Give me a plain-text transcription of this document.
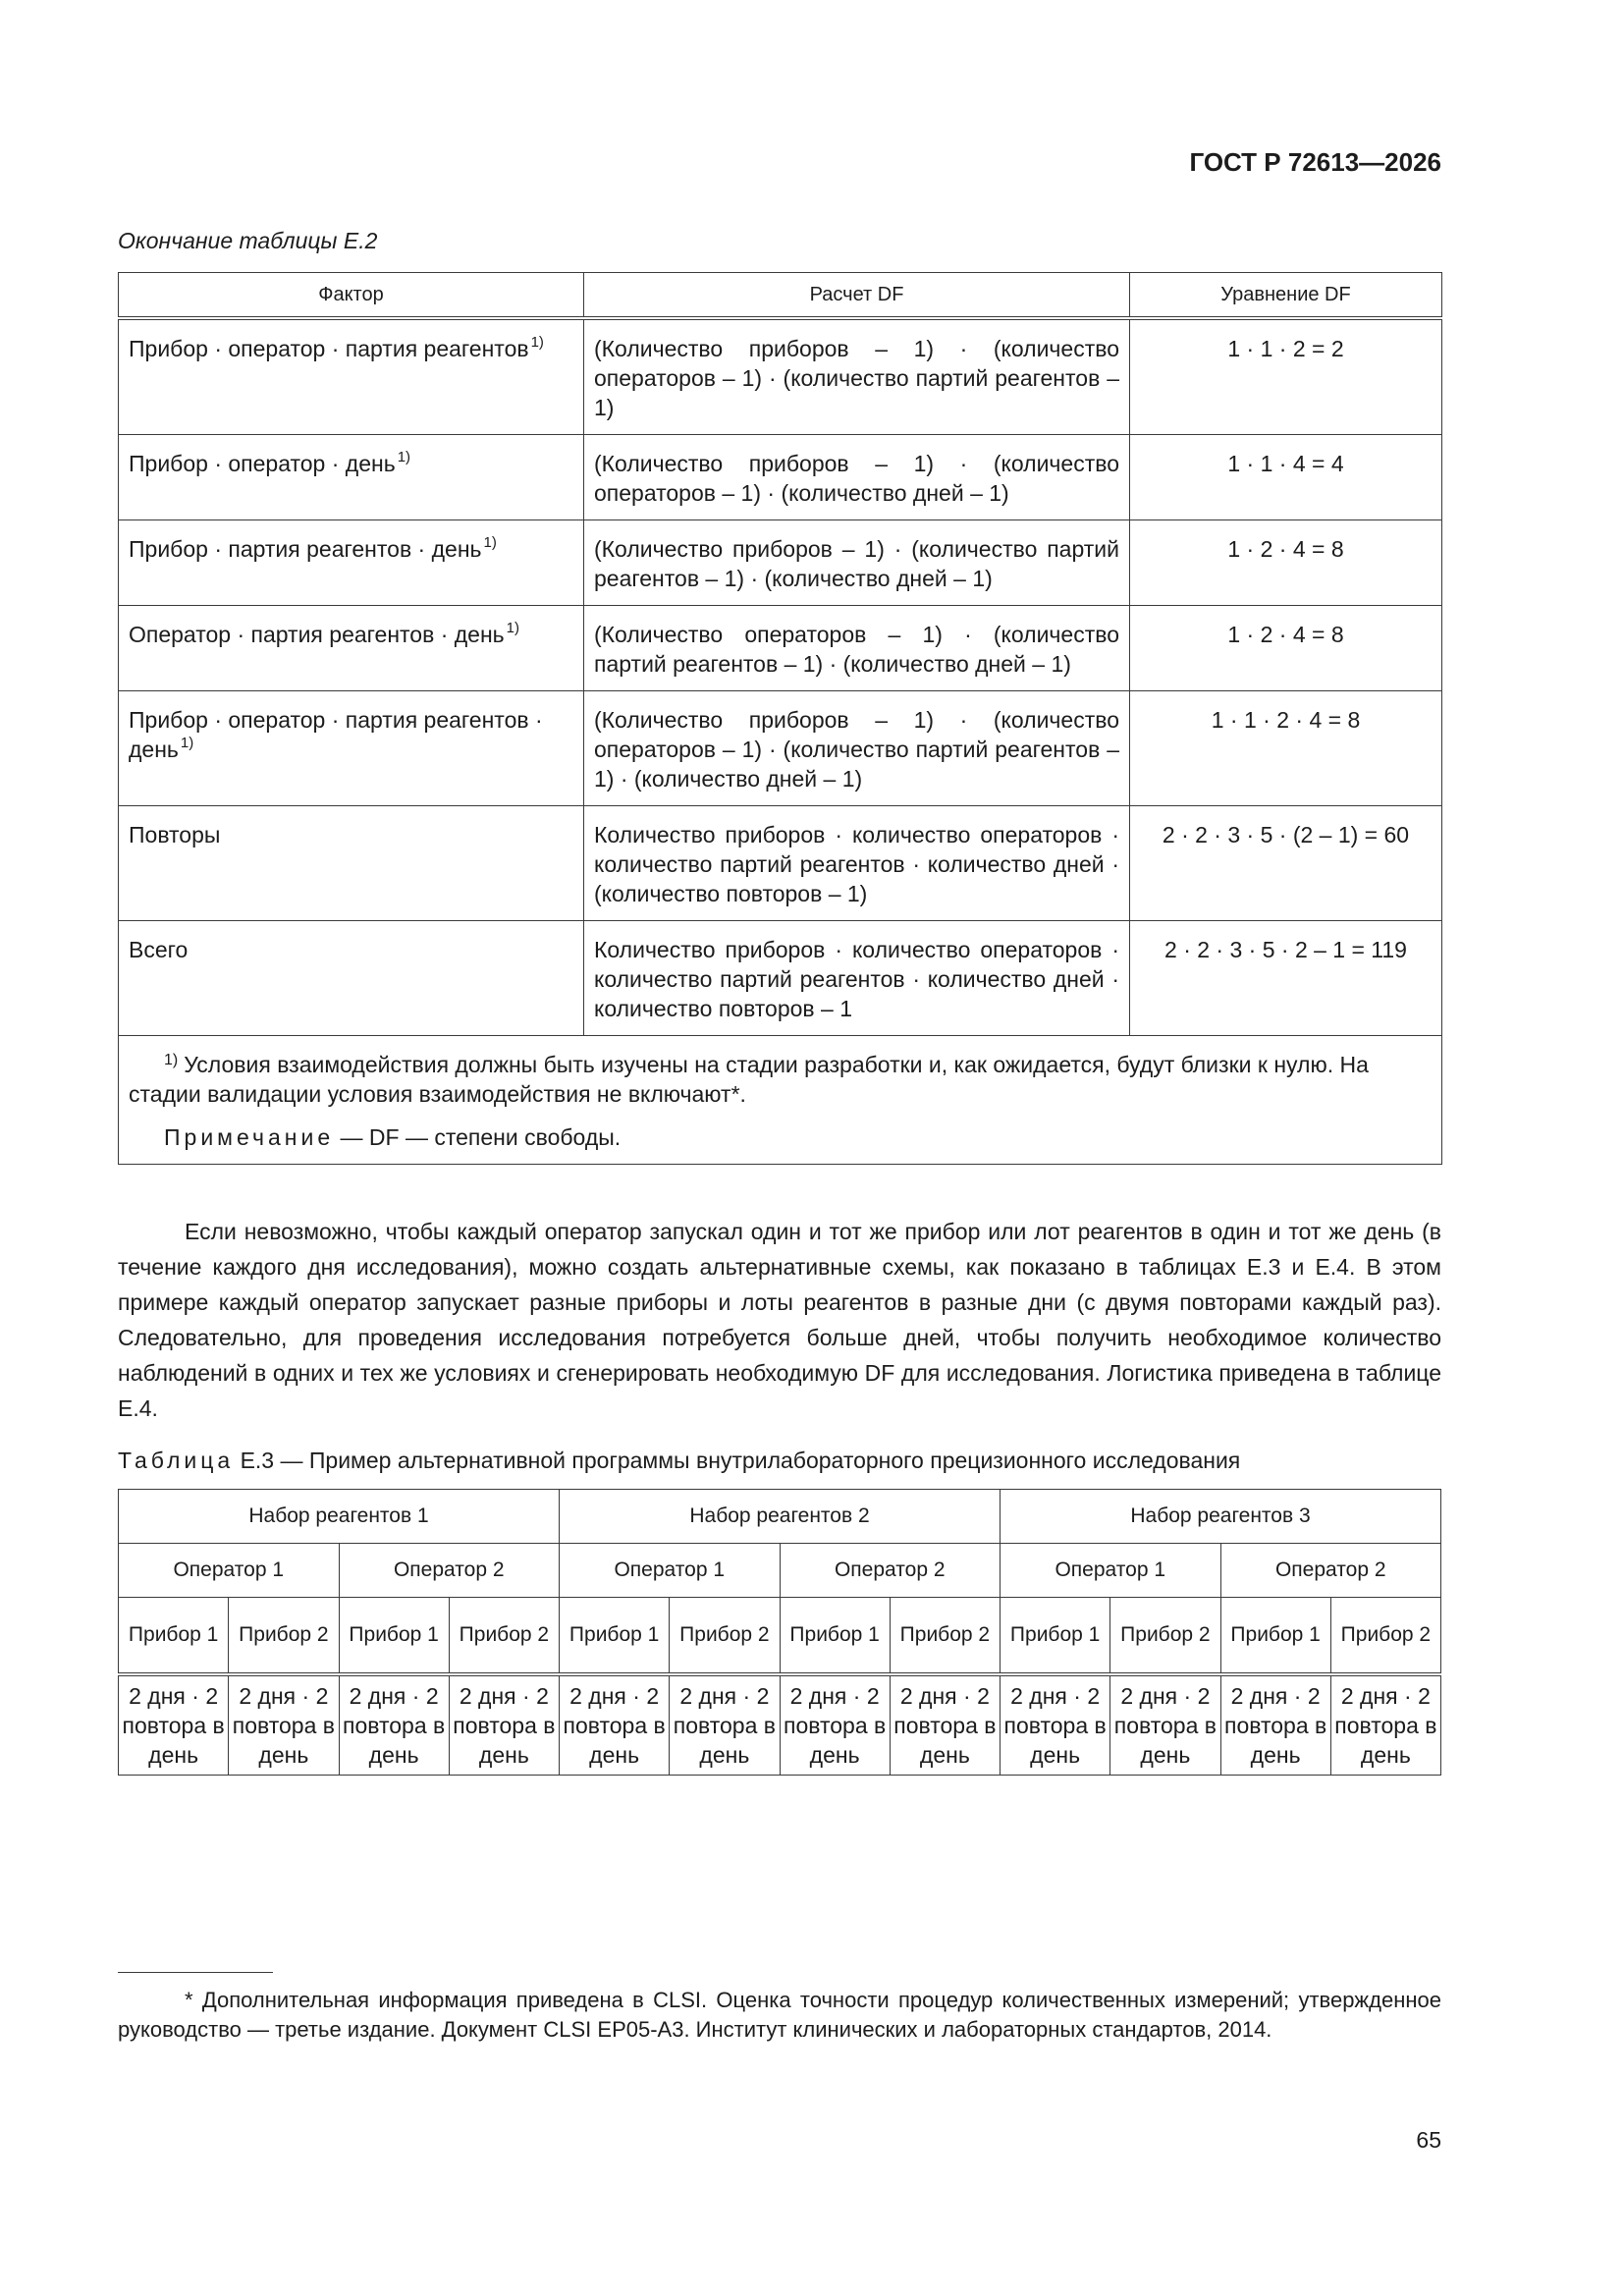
ГОСТ Р 72613—2026
Окончание таблицы Е.2
Фактор	Расчет DF	Уравнение DF
Прибор · оператор · партия реагентов $^{1)}$	(Количество приборов – 1) · (количество операторов – 1) · (количество партий реагентов – 1)	1 · 1 · 2 = 2
Прибор · оператор · день $^{1)}$	(Количество приборов – 1) · (количество операторов – 1) · (количество дней – 1)	1 · 1 · 4 = 4
Прибор · партия реагентов · день $^{1)}$	(Количество приборов – 1) · (количество партий реагентов – 1) · (количество дней – 1)	1 · 2 · 4 = 8
Оператор · партия реагентов · день $^{1)}$	(Количество операторов – 1) · (количество партий реагентов – 1) · (количество дней – 1)	1 · 2 · 4 = 8
Прибор · оператор · партия реагентов · день $^{1)}$	(Количество приборов – 1) · (количество операторов – 1) · (количество партий реагентов – 1) · (количество дней – 1)	1 · 1 · 2 · 4 = 8
Повторы	Количество приборов · количество операторов · количество партий реагентов · количество дней · (количество повторов – 1)	2 · 2 · 3 · 5 · (2 – 1) = 60
Всего	Количество приборов · количество операторов · количество партий реагентов · количество дней · количество повторов – 1	2 · 2 · 3 · 5 · 2 – 1 = 119

$^{1)}$ Условия взаимодействия должны быть изучены на стадии разработки и, как ожидается, будут близки к нулю. На стадии валидации условия взаимодействия не включают*.

Примечание — DF — степени свободы.		

Если невозможно, чтобы каждый оператор запускал один и тот же прибор или лот реагентов в один и тот же день (в течение каждого дня исследования), можно создать альтернативные схемы, как показано в таблицах Е.3 и Е.4. В этом примере каждый оператор запускает разные приборы и лоты реагентов в разные дни (с двумя повторами каждый раз). Следовательно, для проведения исследования потребуется больше дней, чтобы получить необходимое количество наблюдений в одних и тех же условиях и сгенерировать необходимую DF для исследования. Логистика приведена в таблице Е.4.

Таблица Е.3 — Пример альтернативной программы внутрилабораторного прецизионного исследования
Набор реагентов 1				Набор реагентов 2				Набор реагентов 3			
Оператор 1		Оператор 2		Оператор 1		Оператор 2		Оператор 1		Оператор 2	
Прибор 1	Прибор 2	Прибор 1	Прибор 2	Прибор 1	Прибор 2	Прибор 1	Прибор 2	Прибор 1	Прибор 2	Прибор 1	Прибор 2
2 дня · 2 повтора в день	2 дня · 2 повтора в день	2 дня · 2 повтора в день	2 дня · 2 повтора в день	2 дня · 2 повтора в день	2 дня · 2 повтора в день	2 дня · 2 повтора в день	2 дня · 2 повтора в день	2 дня · 2 повтора в день	2 дня · 2 повтора в день	2 дня · 2 повтора в день	2 дня · 2 повтора в день

* Дополнительная информация приведена в CLSI. Оценка точности процедур количественных измерений; утвержденное руководство — третье издание. Документ CLSI EP05-A3. Институт клинических и лабораторных стандартов, 2014.

65
